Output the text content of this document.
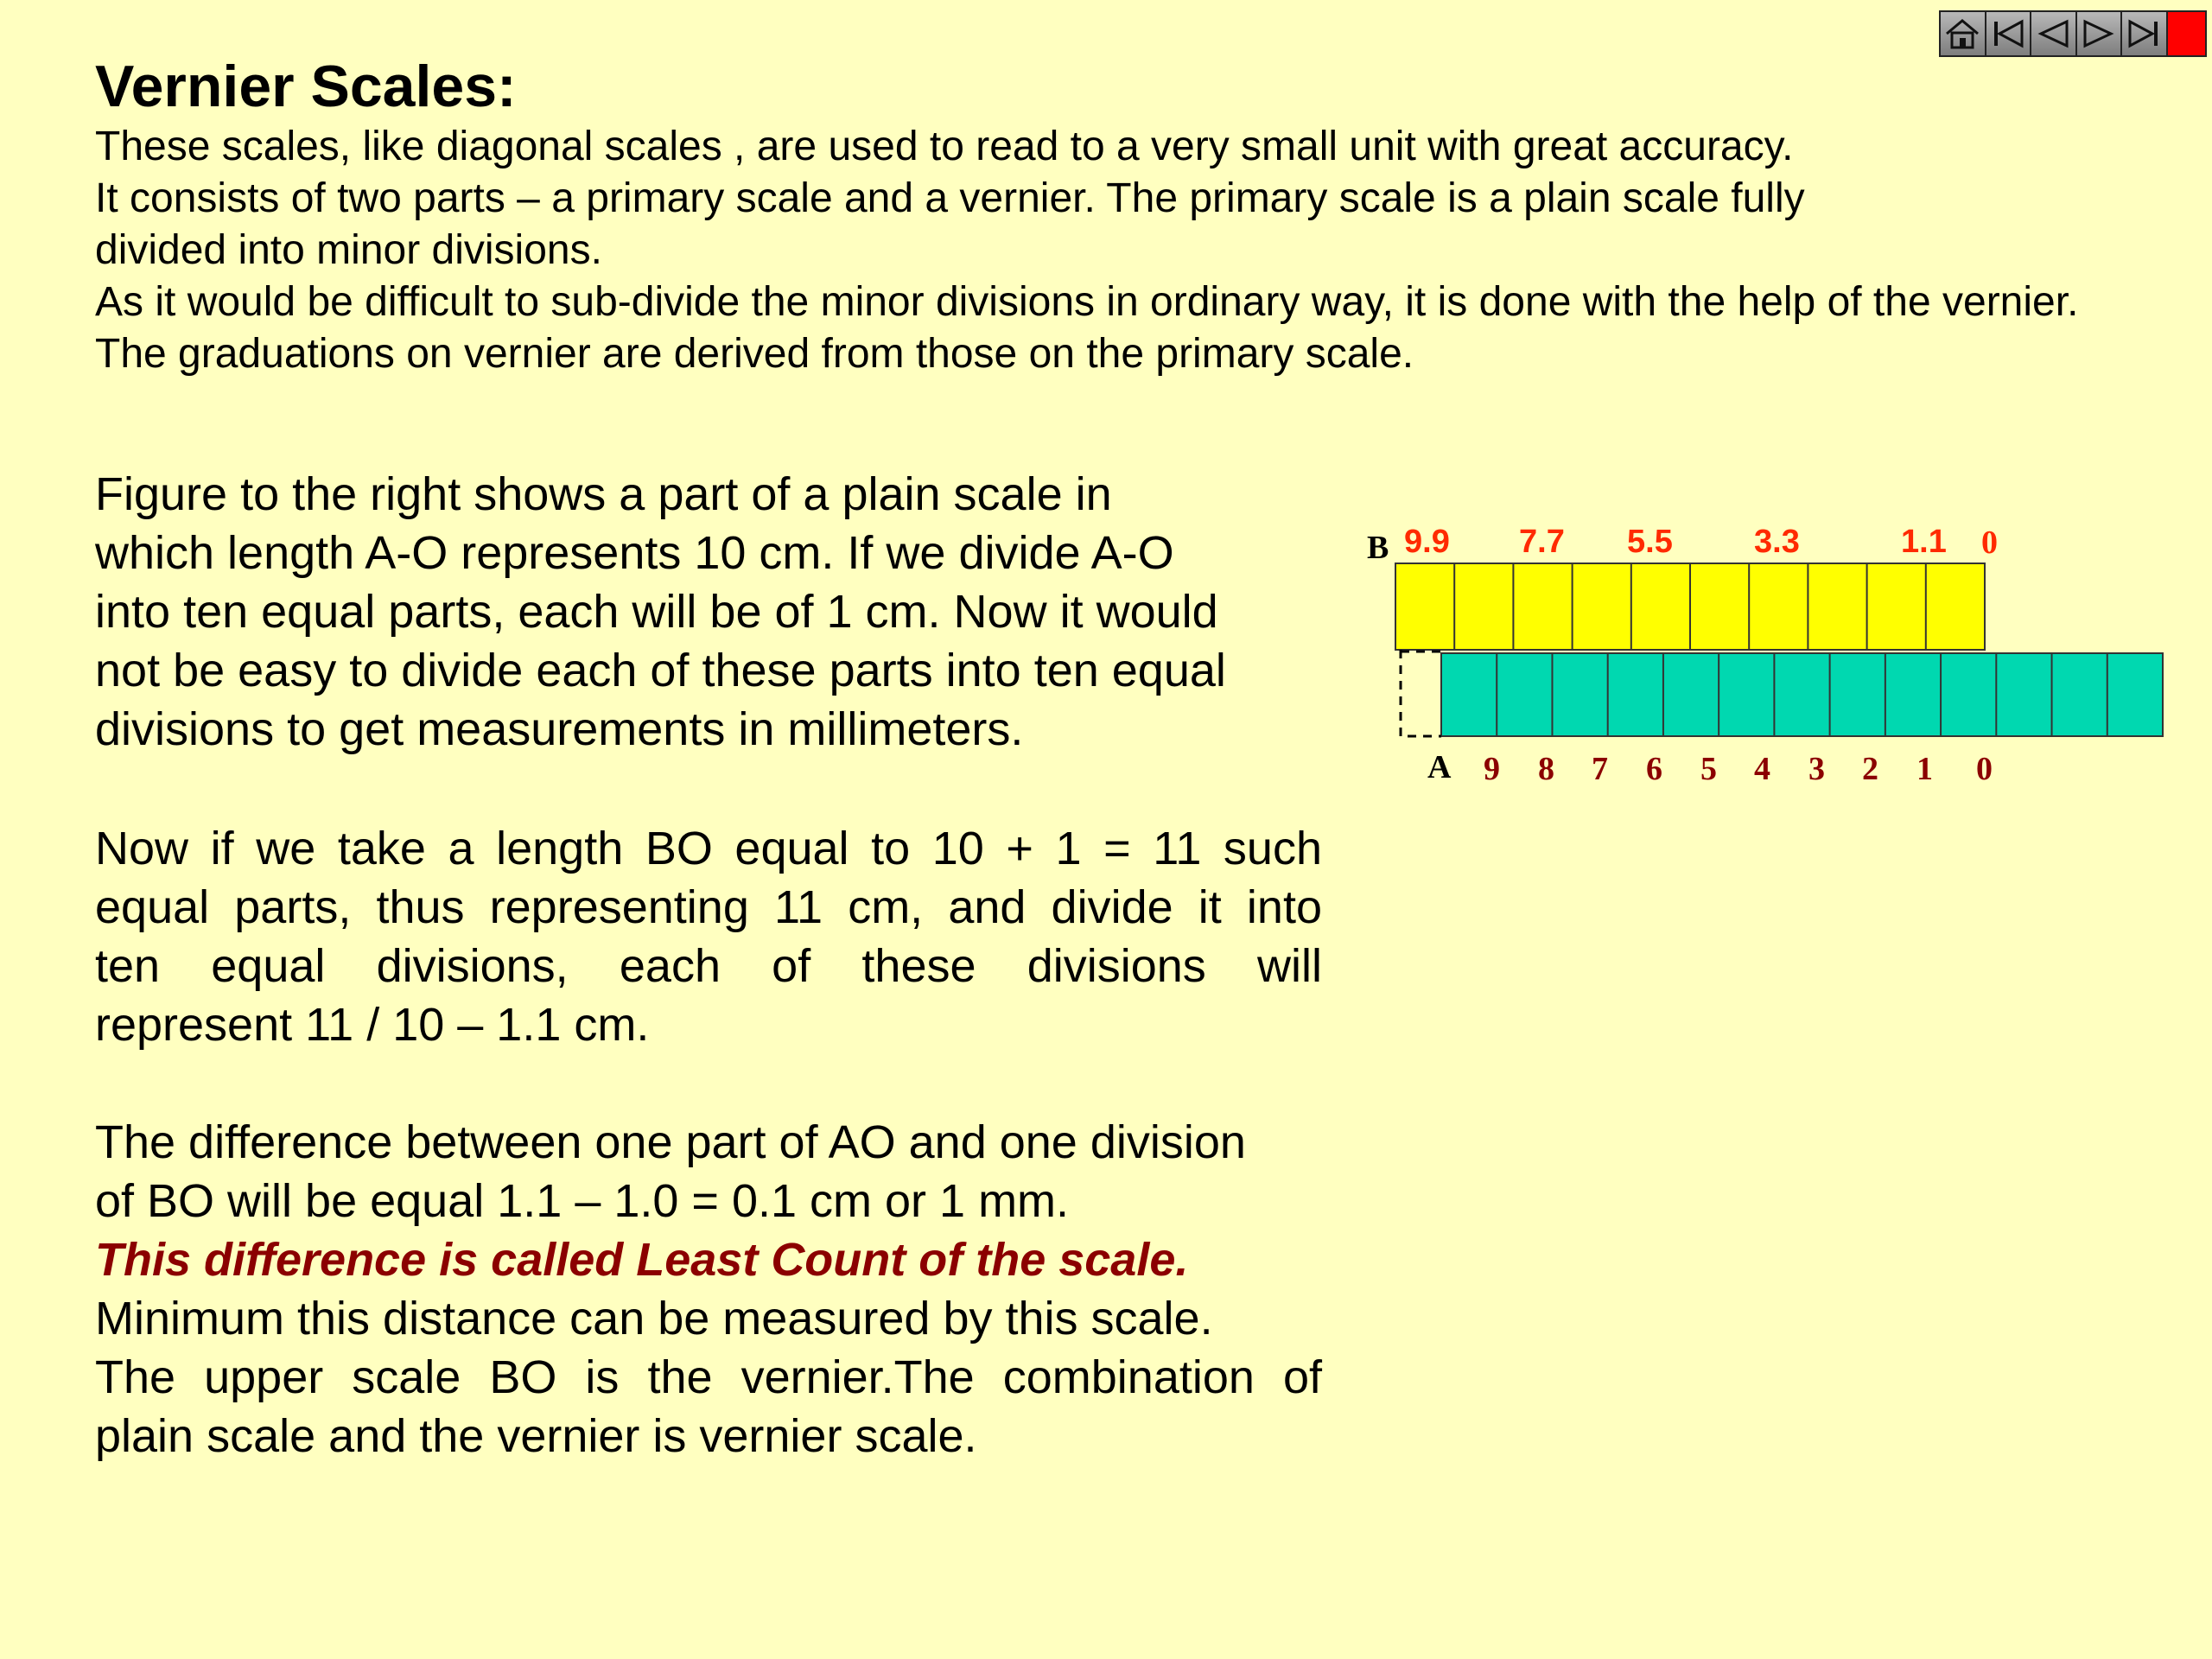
Vernier Scales:
These scales, like diagonal scales , are used to read to a very small unit with great accuracy.
It consists of two parts – a primary scale and a vernier. The primary scale is a plain scale fully
divided into minor divisions.
As it would be difficult to sub-divide the minor divisions in ordinary way, it is done with the help of the vernier.
The graduations on vernier are derived from those on the primary scale.
Figure to the right shows a part of a plain scale in
which length A-O represents 10 cm. If we divide A-O
into ten equal parts, each will be of 1 cm. Now it would
not be easy to divide each of these parts into ten equal
divisions to get measurements in millimeters.
Now if we take a length BO equal to 10 + 1 = 11 such
equal parts, thus representing 11 cm, and divide it into
ten equal divisions, each of these divisions will
represent 11 / 10 – 1.1 cm.
The difference between one part of AO and one division
of BO will be equal 1.1 – 1.0 = 0.1 cm or 1 mm.
This difference is called Least Count of the scale.
Minimum this distance can be measured by this scale.
The upper scale BO is the vernier.The combination of
plain scale and the vernier is vernier scale.
B
A
9.9 7.7 5.5 3.3	1.1 0
9 8 7 6 5 4 3 2 1 0
